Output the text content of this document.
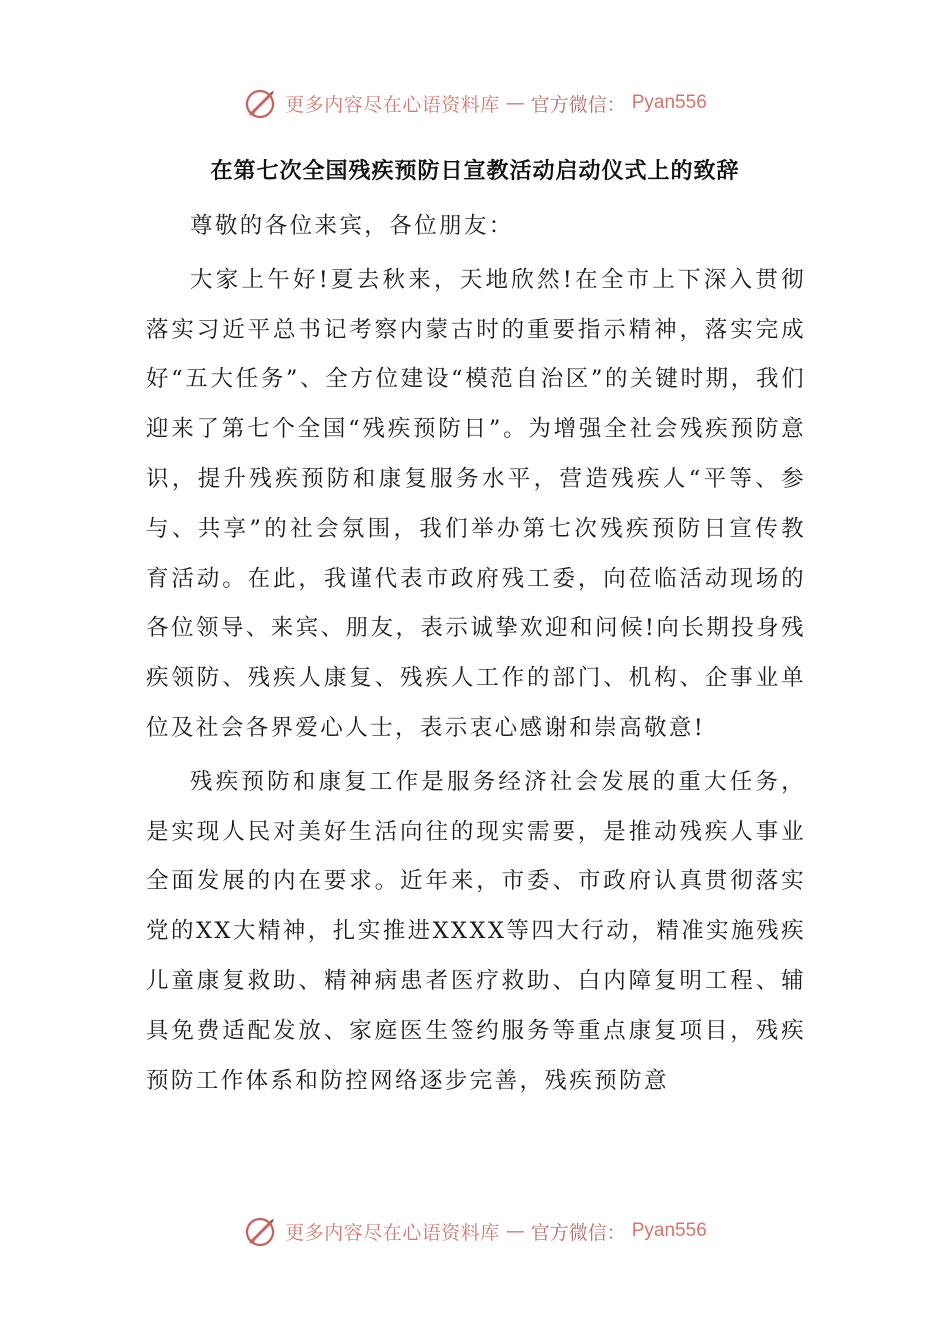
更多内容尽在心语资料库 — 官方微信： Pyan556
在第七次全国残疾预防日宣教活动启动仪式上的致辞

尊敬的各位来宾，各位朋友：

大家上午好!夏去秋来，天地欣然!在全市上下深入贯彻落实习近平总书记考察内蒙古时的重要指示精神，落实完成好“五大任务”、全方位建设“模范自治区”的关键时期，我们迎来了第七个全国“残疾预防日”。为增强全社会残疾预防意识，提升残疾预防和康复服务水平，营造残疾人“平等、参与、共享”的社会氛围，我们举办第七次残疾预防日宣传教育活动。在此，我谨代表市政府残工委，向莅临活动现场的各位领导、来宾、朋友，表示诚挚欢迎和问候!向长期投身残疾领防、残疾人康复、残疾人工作的部门、机构、企事业单位及社会各界爱心人士，表示衷心感谢和崇高敬意!

残疾预防和康复工作是服务经济社会发展的重大任务，是实现人民对美好生活向往的现实需要，是推动残疾人事业全面发展的内在要求。近年来，市委、市政府认真贯彻落实党的XX大精神，扎实推进XXXX等四大行动，精准实施残疾儿童康复救助、精神病患者医疗救助、白内障复明工程、辅具免费适配发放、家庭医生签约服务等重点康复项目，残疾预防工作体系和防控网络逐步完善，残疾预防意

更多内容尽在心语资料库 — 官方微信： Pyan556
